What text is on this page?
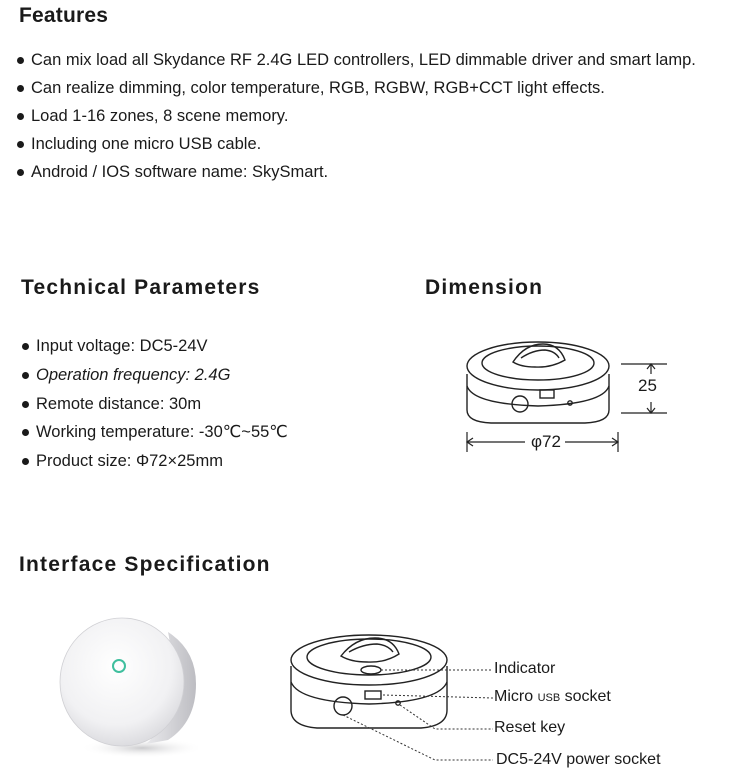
Features
Can mix load all Skydance RF 2.4G LED controllers, LED dimmable driver and smart lamp.
Can realize dimming, color temperature, RGB, RGBW, RGB+CCT light effects.
Load 1-16 zones, 8 scene memory.
Including one micro USB cable.
Android / IOS software name: SkySmart.
Technical Parameters
Input voltage: DC5-24V
Operation frequency: 2.4G
Remote distance: 30m
Working temperature: -30℃~55℃
Product size: Φ72×25mm
Dimension
25
φ72
Interface Specification
Indicator
Micro USB socket
Reset key
DC5-24V power socket
